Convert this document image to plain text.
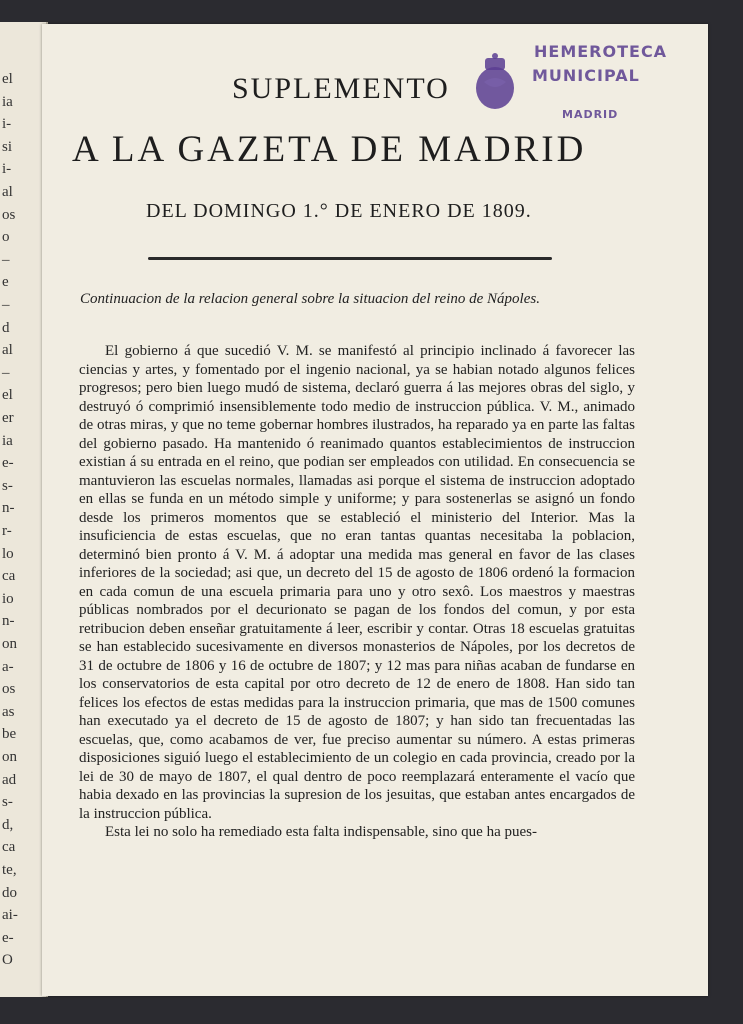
el
ia
i-
si
i-
al
os
o
–
e
–
d
al
–
el
er
ia
e-
s-
n-
r-
lo
ca
io
n-
on
a-
os
as
be
on
ad
s-
d,
ca
te,
do
ai-
e-
O
HEMEROTECA
MUNICIPAL
MADRID
SUPLEMENTO
A LA GAZETA DE MADRID
DEL DOMINGO 1.° DE ENERO DE 1809.
Continuacion de la relacion general sobre la situacion del reino de Nápoles.

El gobierno á que sucedió V. M. se manifestó al principio inclinado á favorecer las ciencias y artes, y fomentado por el ingenio nacional, ya se habian notado algunos felices progresos; pero bien luego mudó de sistema, declaró guerra á las mejores obras del siglo, y destruyó ó comprimió insensiblemente todo medio de instruccion pública. V. M., animado de otras miras, y que no teme gobernar hombres ilustrados, ha reparado ya en parte las faltas del gobierno pasado. Ha mantenido ó reanimado quantos establecimientos de instruccion existian á su entrada en el reino, que podian ser empleados con utilidad. En consecuencia se mantuvieron las escuelas normales, llamadas asi porque el sistema de instruccion adoptado en ellas se funda en un método simple y uniforme; y para sostenerlas se asignó un fondo desde los primeros momentos que se estableció el ministerio del Interior. Mas la insuficiencia de estas escuelas, que no eran tantas quantas necesitaba la poblacion, determinó bien pronto á V. M. á adoptar una medida mas general en favor de las clases inferiores de la sociedad; asi que, un decreto del 15 de agosto de 1806 ordenó la formacion en cada comun de una escuela primaria para uno y otro sexô. Los maestros y maestras públicas nombrados por el decurionato se pagan de los fondos del comun, y por esta retribucion deben enseñar gratuitamente á leer, escribir y contar. Otras 18 escuelas gratuitas se han establecido sucesivamente en diversos monasterios de Nápoles, por los decretos de 31 de octubre de 1806 y 16 de octubre de 1807; y 12 mas para niñas acaban de fundarse en los conservatorios de esta capital por otro decreto de 12 de enero de 1808. Han sido tan felices los efectos de estas medidas para la instruccion primaria, que mas de 1500 comunes han executado ya el decreto de 15 de agosto de 1807; y han sido tan frecuentadas las escuelas, que, como acabamos de ver, fue preciso aumentar su número. A estas primeras disposiciones siguió luego el establecimiento de un colegio en cada provincia, creado por la lei de 30 de mayo de 1807, el qual dentro de poco reemplazará enteramente el vacío que habia dexado en las provincias la supresion de los jesuitas, que estaban antes encargados de la instruccion pública.

Esta lei no solo ha remediado esta falta indispensable, sino que ha pues-
